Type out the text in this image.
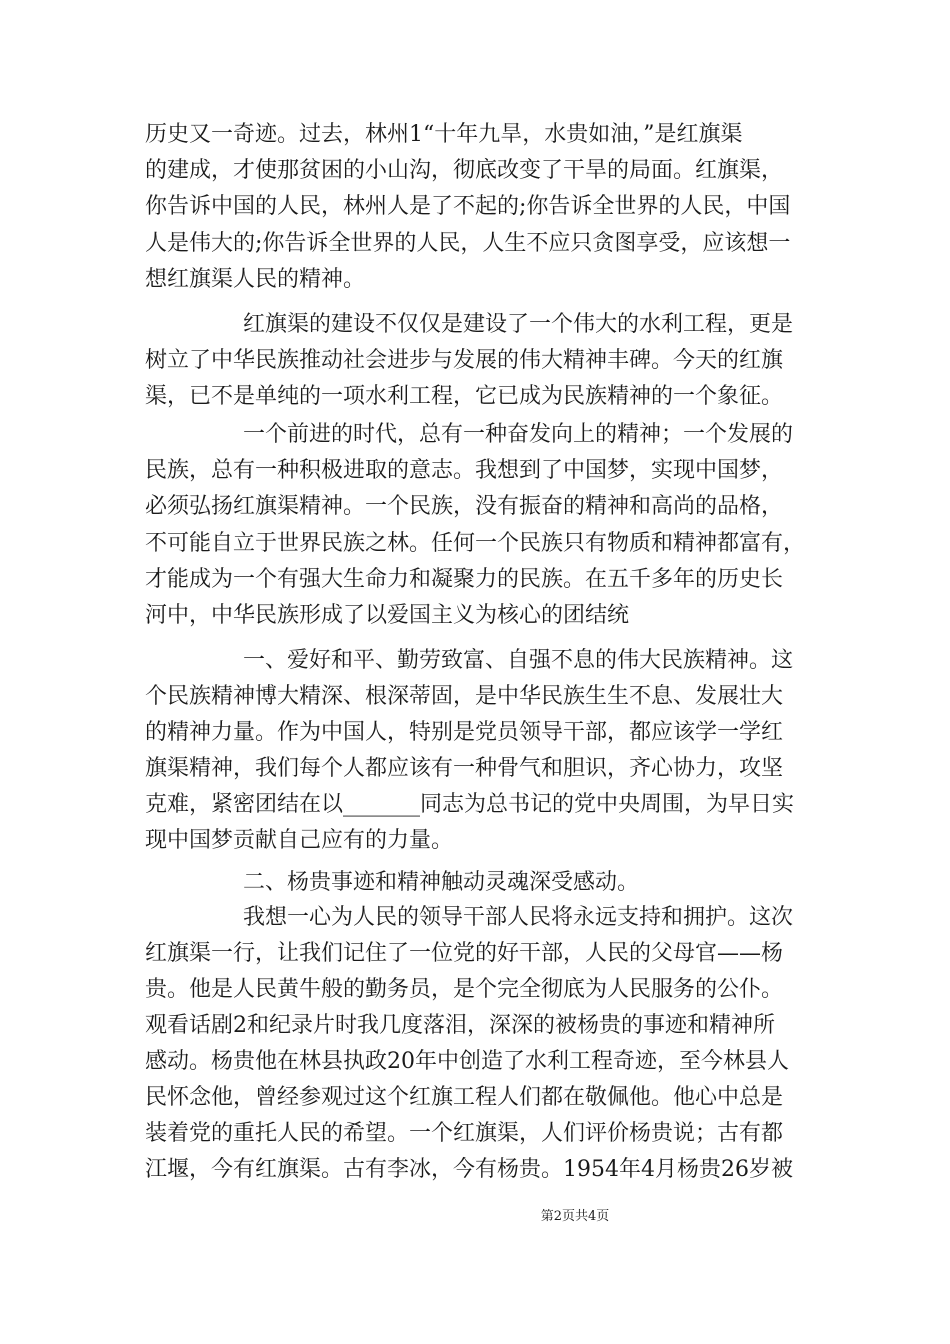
历史又一奇迹。过去，林州1“十年九旱，水贵如油，”是红旗渠
的建成，才使那贫困的小山沟，彻底改变了干旱的局面。红旗渠，
你告诉中国的人民，林州人是了不起的;你告诉全世界的人民，中国
人是伟大的;你告诉全世界的人民，人生不应只贪图享受，应该想一
想红旗渠人民的精神。
红旗渠的建设不仅仅是建设了一个伟大的水利工程，更是
树立了中华民族推动社会进步与发展的伟大精神丰碑。今天的红旗
渠，已不是单纯的一项水利工程，它已成为民族精神的一个象征。
一个前进的时代，总有一种奋发向上的精神；一个发展的
民族，总有一种积极进取的意志。我想到了中国梦，实现中国梦，
必须弘扬红旗渠精神。一个民族，没有振奋的精神和高尚的品格，
不可能自立于世界民族之林。任何一个民族只有物质和精神都富有，
才能成为一个有强大生命力和凝聚力的民族。在五千多年的历史长
河中，中华民族形成了以爱国主义为核心的团结统
一、爱好和平、勤劳致富、自强不息的伟大民族精神。这
个民族精神博大精深、根深蒂固，是中华民族生生不息、发展壮大
的精神力量。作为中国人，特别是党员领导干部，都应该学一学红
旗渠精神，我们每个人都应该有一种骨气和胆识，齐心协力，攻坚
克难，紧密团结在以_______同志为总书记的党中央周围，为早日实
现中国梦贡献自己应有的力量。
二、杨贵事迹和精神触动灵魂深受感动。
我想一心为人民的领导干部人民将永远支持和拥护。这次
红旗渠一行，让我们记住了一位党的好干部，人民的父母官——杨
贵。他是人民黄牛般的勤务员，是个完全彻底为人民服务的公仆。
观看话剧2和纪录片时我几度落泪，深深的被杨贵的事迹和精神所
感动。杨贵他在林县执政20年中创造了水利工程奇迹，至今林县人
民怀念他，曾经参观过这个红旗工程人们都在敬佩他。他心中总是
装着党的重托人民的希望。一个红旗渠，人们评价杨贵说；古有都
江堰，今有红旗渠。古有李冰，今有杨贵。1954年4月杨贵26岁被
第2页共4页
